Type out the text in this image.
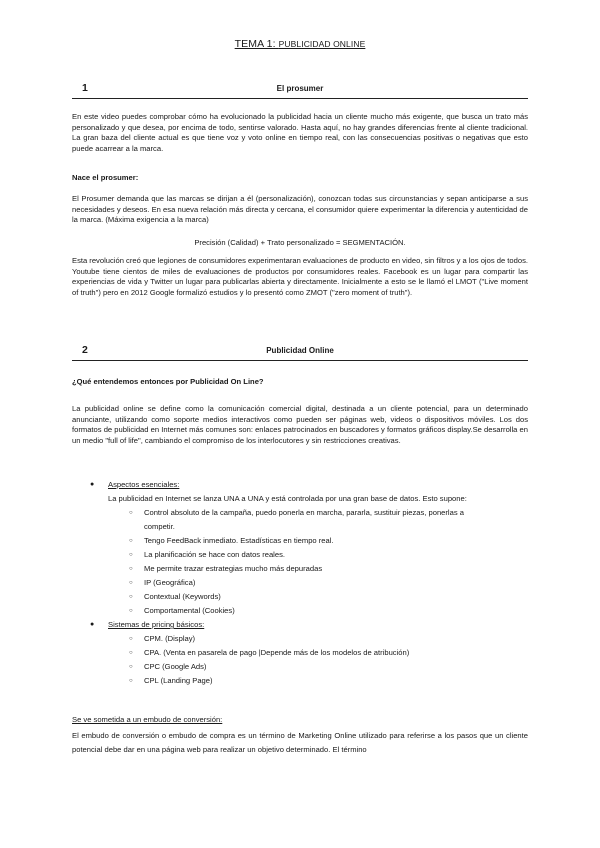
TEMA 1: PUBLICIDAD ONLINE
1	El prosumer
En este video puedes comprobar cómo ha evolucionado la publicidad hacia un cliente mucho más exigente, que busca un trato más personalizado y que desea, por encima de todo, sentirse valorado. Hasta aquí, no hay grandes diferencias frente al cliente tradicional. La gran baza del cliente actual es que tiene voz y voto online en tiempo real, con las consecuencias positivas o negativas que esto puede acarrear a la marca.
Nace el prosumer:
El Prosumer demanda que las marcas se dirijan a él (personalización), conozcan todas sus circunstancias y sepan anticiparse a sus necesidades y deseos. En esa nueva relación más directa y cercana, el consumidor quiere experimentar la diferencia y autenticidad de la marca. (Máxima exigencia a la marca)
Precisión (Calidad) + Trato personalizado = SEGMENTACIÓN.
Esta revolución creó que legiones de consumidores experimentaran evaluaciones de producto en video, sin filtros y a los ojos de todos. Youtube tiene cientos de miles de evaluaciones de productos por consumidores reales. Facebook es un lugar para compartir las experiencias de vida y Twitter un lugar para publicarlas abierta y directamente. Inicialmente a esto se le llamó el LMOT ("Live moment of truth") pero en 2012 Google formalizó estudios y lo presentó como ZMOT ("zero moment of truth").
2	Publicidad Online
¿Qué entendemos entonces por Publicidad On Line?
La publicidad online se define como la comunicación comercial digital, destinada a un cliente potencial, para un determinado anunciante, utilizando como soporte medios interactivos como pueden ser páginas web, videos o dispositivos móviles. Los dos formatos de publicidad en Internet más comunes son: enlaces patrocinados en buscadores y formatos gráficos display.Se desarrolla en un medio "full of life", cambiando el compromiso de los interlocutores y sin restricciones creativas.
● Aspectos esenciales:
La publicidad en Internet se lanza UNA a UNA y está controlada por una gran base de datos. Esto supone:
○ Control absoluto de la campaña, puedo ponerla en marcha, pararla, sustituir piezas, ponerlas a competir.
○ Tengo FeedBack inmediato. Estadísticas en tiempo real.
○ La planificación se hace con datos reales.
○ Me permite trazar estrategias mucho más depuradas
○ IP (Geográfica)
○ Contextual (Keywords)
○ Comportamental (Cookies)
● Sistemas de pricing básicos:
○ CPM. (Display)
○ CPA. (Venta en pasarela de pago |Depende más de los modelos de atribución)
○ CPC (Google Ads)
○ CPL (Landing Page)
Se ve sometida a un embudo de conversión:
El embudo de conversión o embudo de compra es un término de Marketing Online utilizado para referirse a los pasos que un cliente potencial debe dar en una página web para realizar un objetivo determinado. El término
